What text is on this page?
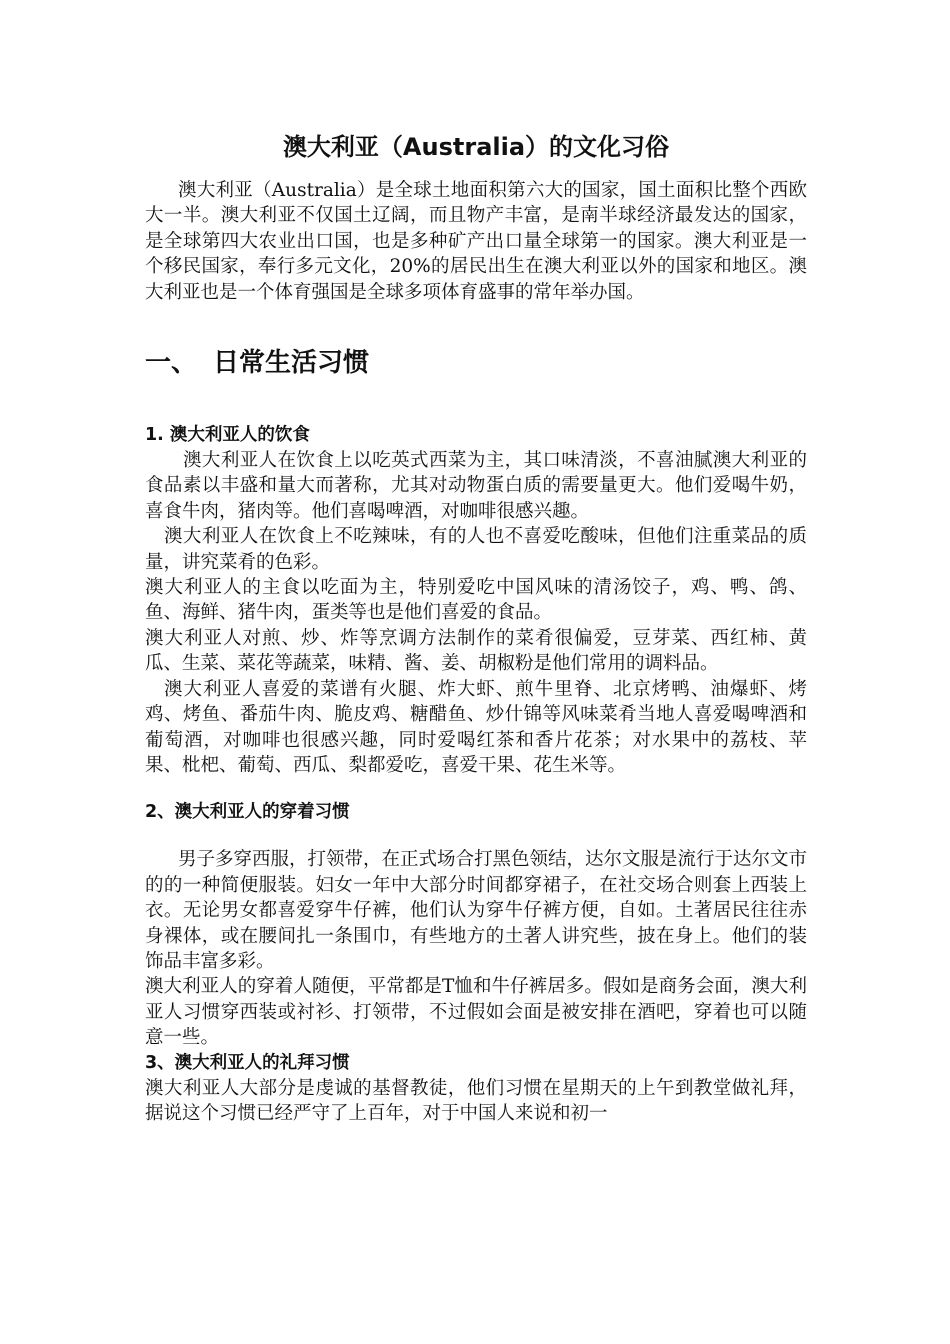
澳大利亚（Australia）的文化习俗

澳大利亚（Australia）是全球土地面积第六大的国家，国土面积比整个西欧大一半。澳大利亚不仅国土辽阔，而且物产丰富，是南半球经济最发达的国家，是全球第四大农业出口国，也是多种矿产出口量全球第一的国家。澳大利亚是一个移民国家，奉行多元文化，20%的居民出生在澳大利亚以外的国家和地区。澳大利亚也是一个体育强国是全球多项体育盛事的常年举办国。

一、 日常生活习惯
1. 澳大利亚人的饮食

澳大利亚人在饮食上以吃英式西菜为主，其口味清淡，不喜油腻澳大利亚的食品素以丰盛和量大而著称，尤其对动物蛋白质的需要量更大。他们爱喝牛奶，喜食牛肉，猪肉等。他们喜喝啤酒，对咖啡很感兴趣。

澳大利亚人在饮食上不吃辣味，有的人也不喜爱吃酸味，但他们注重菜品的质量，讲究菜肴的色彩。

澳大利亚人的主食以吃面为主，特别爱吃中国风味的清汤饺子，鸡、鸭、鸽、鱼、海鲜、猪牛肉，蛋类等也是他们喜爱的食品。

澳大利亚人对煎、炒、炸等烹调方法制作的菜肴很偏爱，豆芽菜、西红柿、黄瓜、生菜、菜花等蔬菜，味精、酱、姜、胡椒粉是他们常用的调料品。

澳大利亚人喜爱的菜谱有火腿、炸大虾、煎牛里脊、北京烤鸭、油爆虾、烤鸡、烤鱼、番茄牛肉、脆皮鸡、糖醋鱼、炒什锦等风味菜肴当地人喜爱喝啤酒和葡萄酒，对咖啡也很感兴趣，同时爱喝红茶和香片花茶；对水果中的荔枝、苹果、枇杷、葡萄、西瓜、梨都爱吃，喜爱干果、花生米等。

2、澳大利亚人的穿着习惯

男子多穿西服，打领带，在正式场合打黑色领结，达尔文服是流行于达尔文市的的一种简便服装。妇女一年中大部分时间都穿裙子，在社交场合则套上西装上衣。无论男女都喜爱穿牛仔裤，他们认为穿牛仔裤方便，自如。土著居民往往赤身裸体，或在腰间扎一条围巾，有些地方的土著人讲究些，披在身上。他们的装饰品丰富多彩。

澳大利亚人的穿着人随便，平常都是T恤和牛仔裤居多。假如是商务会面，澳大利亚人习惯穿西装或衬衫、打领带，不过假如会面是被安排在酒吧，穿着也可以随意一些。

3、澳大利亚人的礼拜习惯

澳大利亚人大部分是虔诚的基督教徒，他们习惯在星期天的上午到教堂做礼拜，据说这个习惯已经严守了上百年，对于中国人来说和初一
